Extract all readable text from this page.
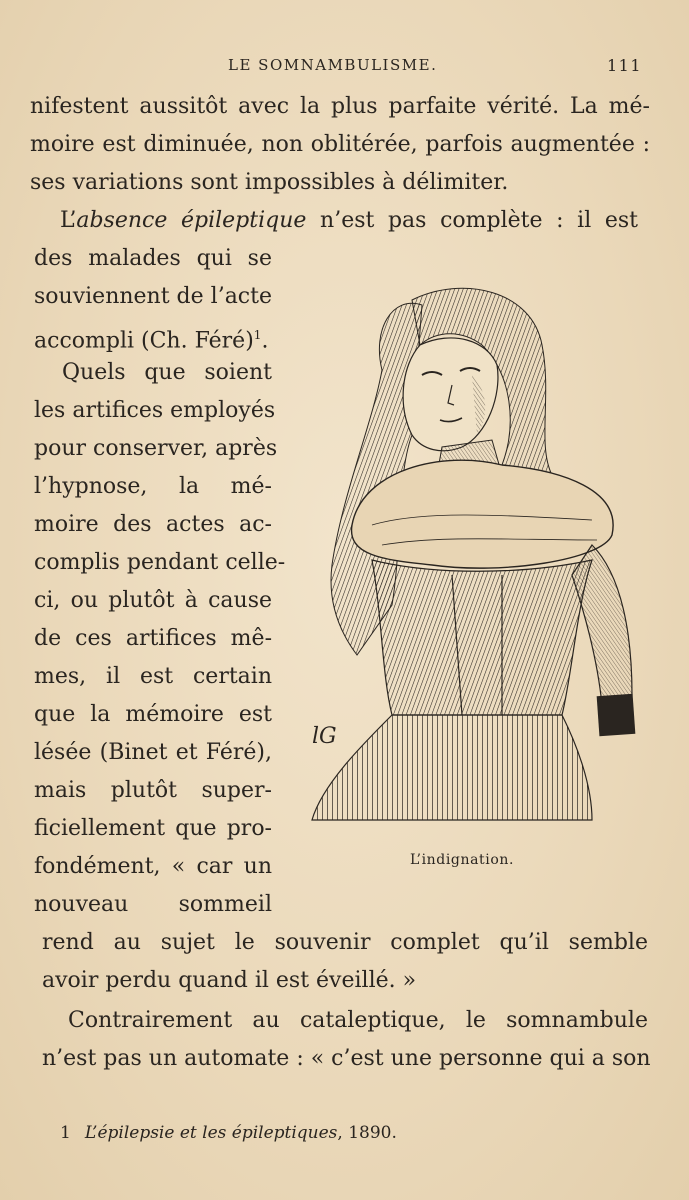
LE SOMNAMBULISME.	111
nifestent aussitôt avec la plus parfaite vérité. La mé-
moire est diminuée, non oblitérée, parfois augmentée :
ses variations sont impossibles à délimiter.
L’absence épileptique n’est pas complète : il est
des malades qui se
souviennent de l’acte
accompli (Ch. Féré)$^1$.
Quels que soient
les artifices employés
pour conserver, après
l’hypnose, la mé-
moire des actes ac-
complis pendant celle-
ci, ou plutôt à cause
de ces artifices mê-
mes, il est certain
que la mémoire est
lésée (Binet et Féré),
mais plutôt super-
ficiellement que pro-
fondément, « car un
nouveau sommeil
rend au sujet le souvenir complet qu’il semble
avoir perdu quand il est éveillé. »
Contrairement au cataleptique, le somnambule
n’est pas un automate : « c’est une personne qui a son
lG
L’indignation.
1 L’épilepsie et les épileptiques, 1890.
